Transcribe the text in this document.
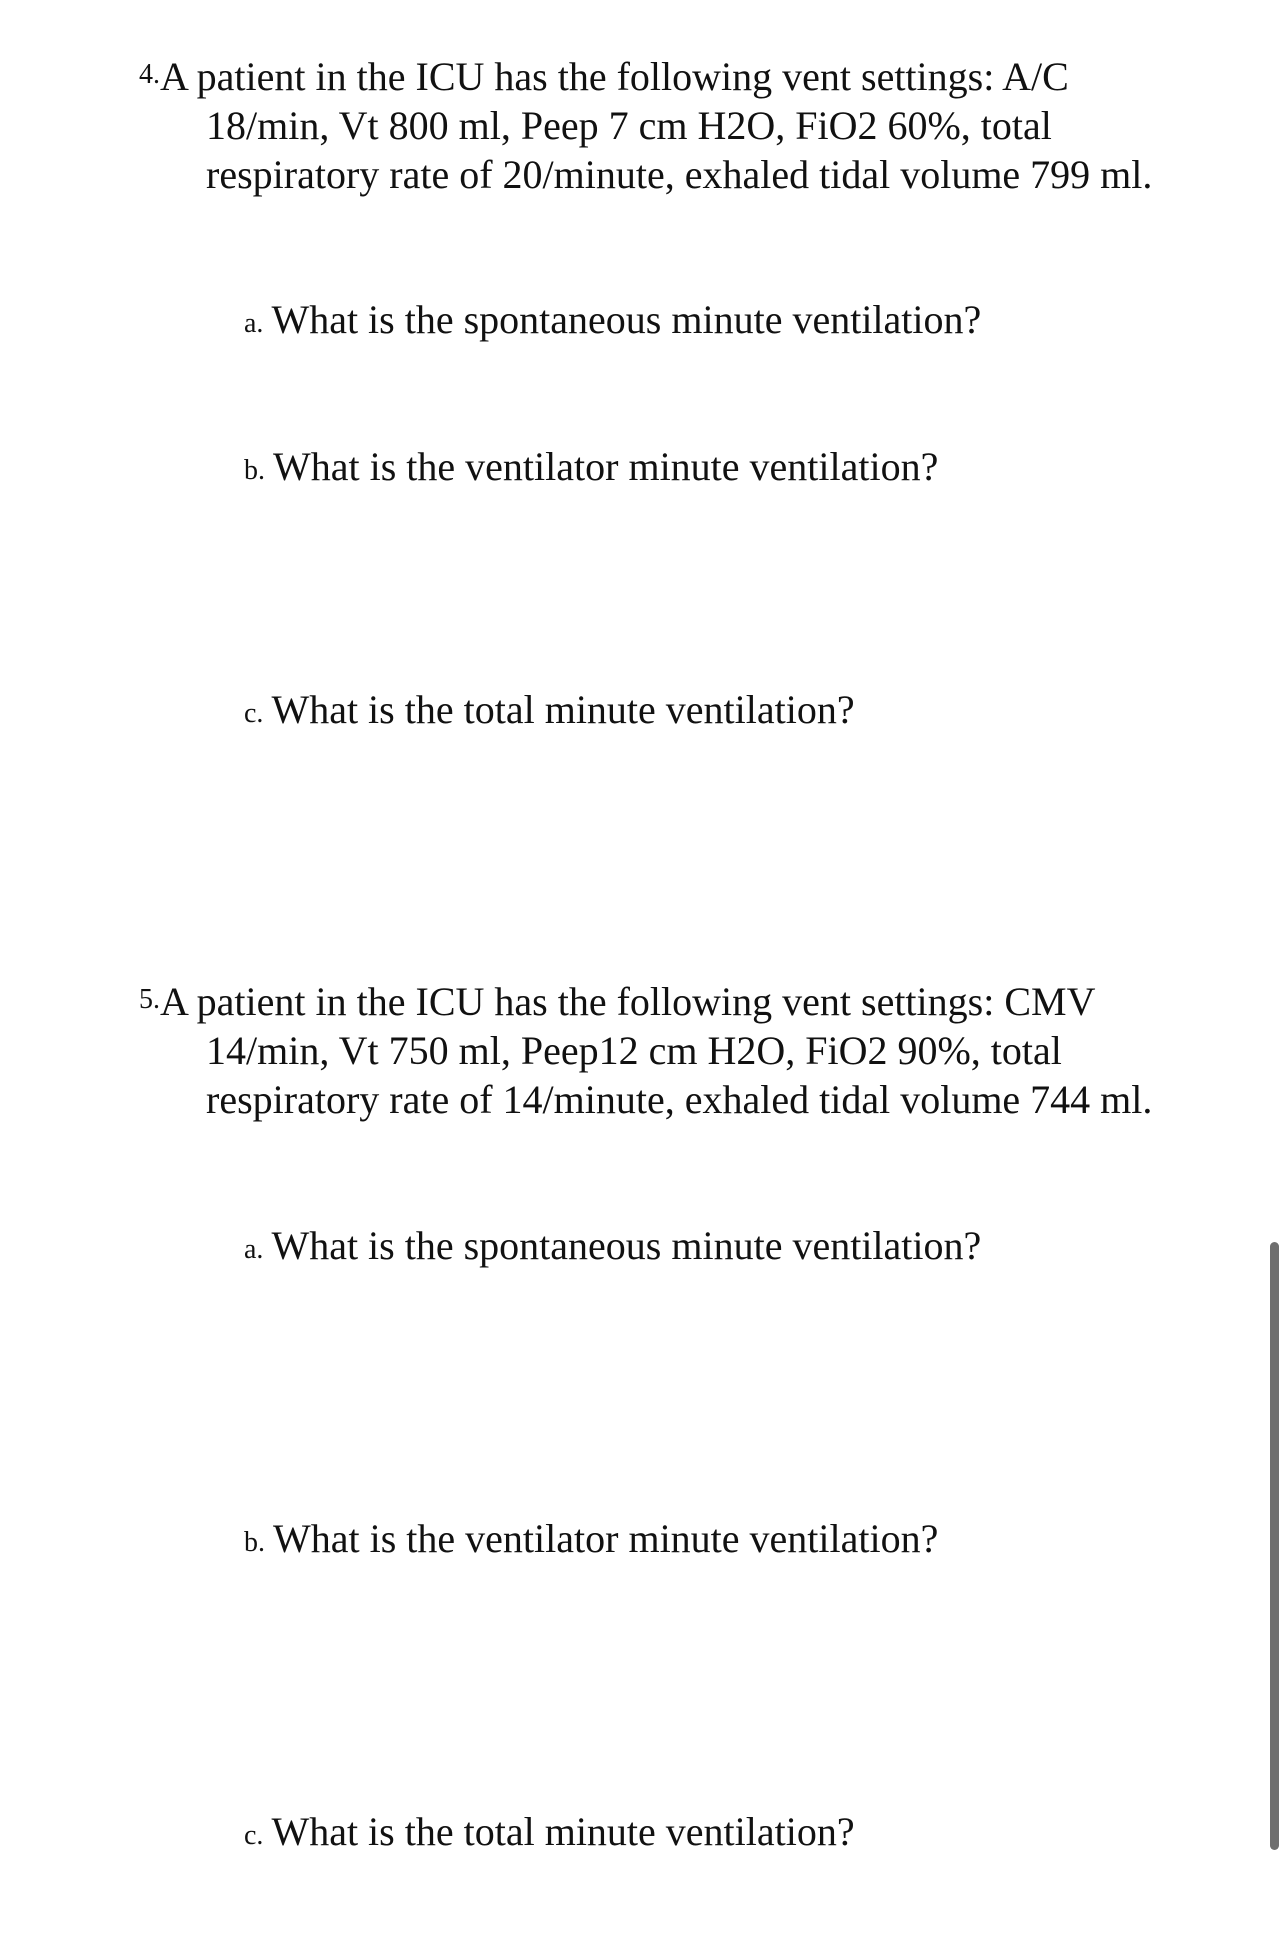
4. A patient in the ICU has the following vent settings: A/C
18/min, Vt 800 ml, Peep 7 cm H2O, FiO2 60%, total
respiratory rate of 20/minute, exhaled tidal volume 799 ml.
a. What is the spontaneous minute ventilation?
b. What is the ventilator minute ventilation?
c. What is the total minute ventilation?
5. A patient in the ICU has the following vent settings: CMV
14/min, Vt 750 ml, Peep12 cm H2O, FiO2 90%, total
respiratory rate of 14/minute, exhaled tidal volume 744 ml.
a. What is the spontaneous minute ventilation?
b. What is the ventilator minute ventilation?
c. What is the total minute ventilation?
